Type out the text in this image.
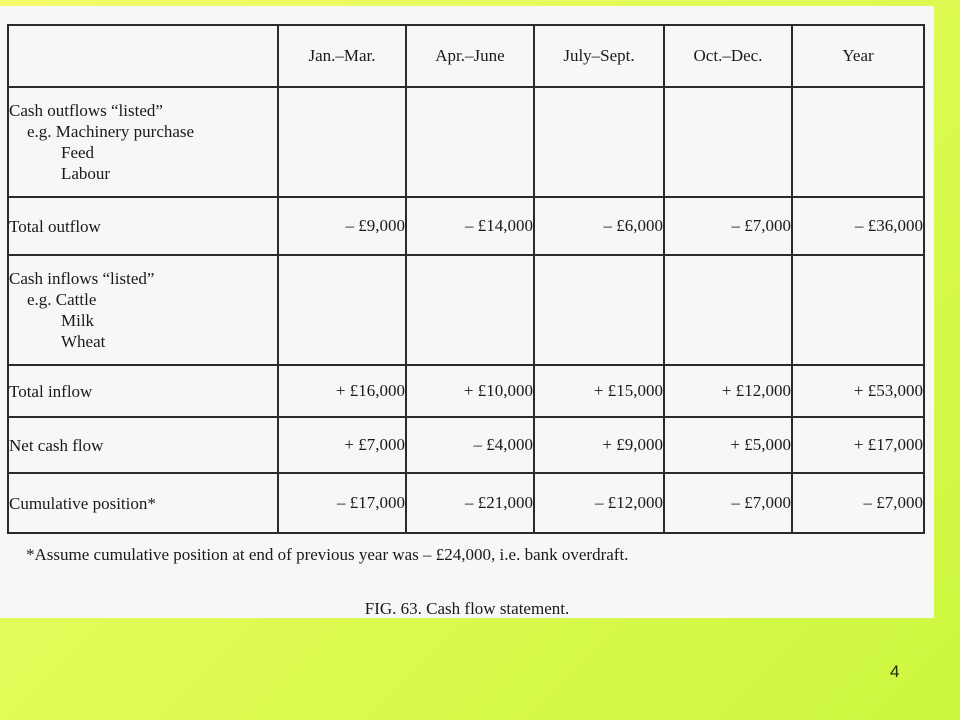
	Jan.–Mar.	Apr.–June	July–Sept.	Oct.–Dec.	Year

Cash outflows “listed”
e.g. Machinery purchase
Feed
Labour					

Total outflow	– £9,000	– £14,000	– £6,000	– £7,000	– £36,000

Cash inflows “listed”
e.g. Cattle
Milk
Wheat					

Total inflow	+ £16,000	+ £10,000	+ £15,000	+ £12,000	+ £53,000
Net cash flow	+ £7,000	– £4,000	+ £9,000	+ £5,000	+ £17,000
Cumulative position*	– £17,000	– £21,000	– £12,000	– £7,000	– £7,000
*Assume cumulative position at end of previous year was – £24,000, i.e. bank overdraft.
FIG. 63. Cash flow statement.
4
